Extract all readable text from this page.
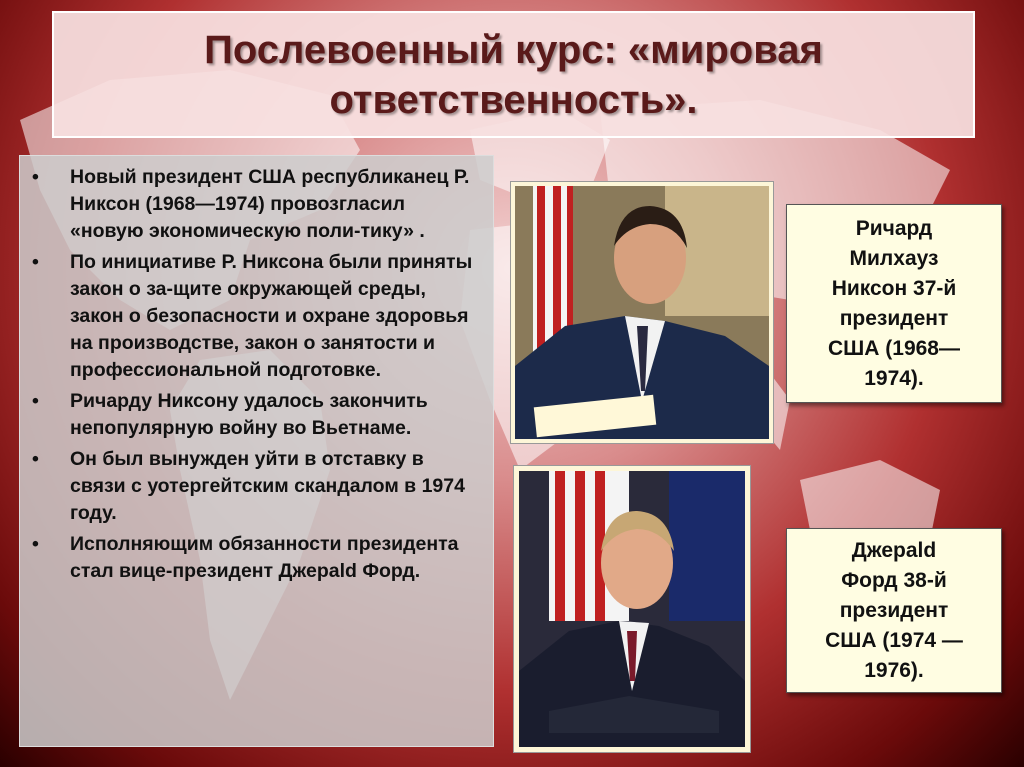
Послевоенный курс: «мировая ответственность».
• Новый президент США республиканец Р. Никсон (1968—1974) провозгласил «новую экономическую поли-тику» .
• По инициативе Р. Никсона были приняты закон о за-щите окружающей среды, закон о безопасности и охране здоровья на производстве, закон о занятости и профессиональной подготовке.
• Ричарду Никсону удалось закончить непопулярную войну во Вьетнаме.
• Он был вынужден уйти в отставку в связи с уотергейтским скандалом в 1974 году.
• Исполняющим обязанности президента стал вице-президент Джерald Форд.
Ричард
Милхауз
Никсон 37-й
президент
США (1968—
1974).
Джерald
Форд 38-й
президент
США (1974 —
1976).
